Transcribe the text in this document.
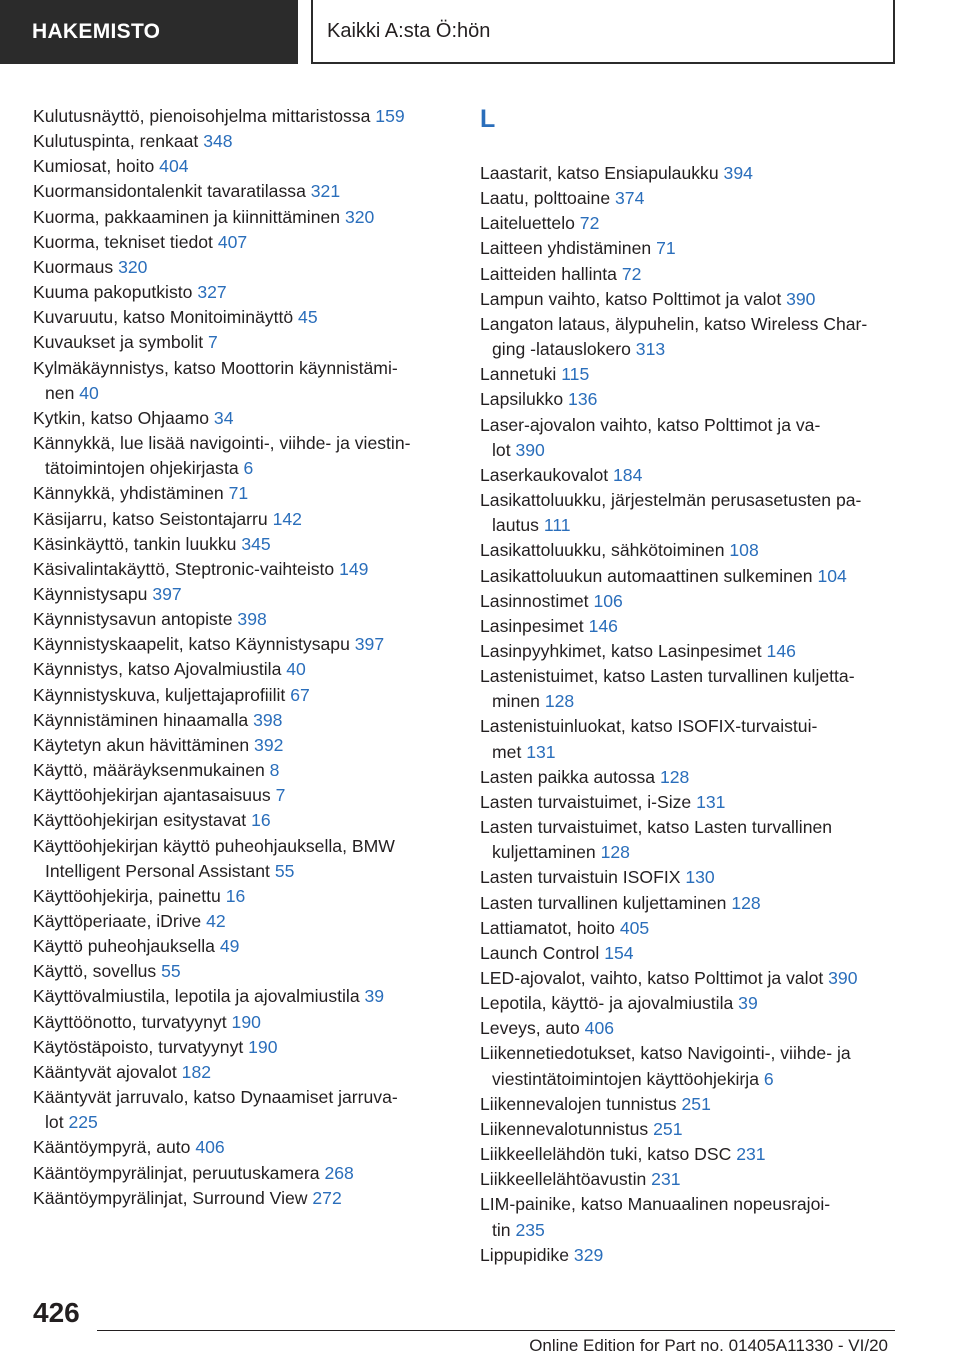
HAKEMISTO	Kaikki A:sta Ö:hön
Kulutusnäyttö, pienoisohjelma mittaristossa 159
Kulutuspinta, renkaat 348
Kumiosat, hoito 404
Kuormansidontalenkit tavaratilassa 321
Kuorma, pakkaaminen ja kiinnittäminen 320
Kuorma, tekniset tiedot 407
Kuormaus 320
Kuuma pakoputkisto 327
Kuvaruutu, katso Monitoiminäyttö 45
Kuvaukset ja symbolit 7
Kylmäkäynnistys, katso Moottorin käynnistämi-
nen 40
Kytkin, katso Ohjaamo 34
Kännykkä, lue lisää navigointi-, viihde- ja viestin-
tätoimintojen ohjekirjasta 6
Kännykkä, yhdistäminen 71
Käsijarru, katso Seistontajarru 142
Käsinkäyttö, tankin luukku 345
Käsivalintakäyttö, Steptronic-vaihteisto 149
Käynnistysapu 397
Käynnistysavun antopiste 398
Käynnistyskaapelit, katso Käynnistysapu 397
Käynnistys, katso Ajovalmiustila 40
Käynnistyskuva, kuljettajaprofiilit 67
Käynnistäminen hinaamalla 398
Käytetyn akun hävittäminen 392
Käyttö, määräyksenmukainen 8
Käyttöohjekirjan ajantasaisuus 7
Käyttöohjekirjan esitystavat 16
Käyttöohjekirjan käyttö puheohjauksella, BMW
Intelligent Personal Assistant 55
Käyttöohjekirja, painettu 16
Käyttöperiaate, iDrive 42
Käyttö puheohjauksella 49
Käyttö, sovellus 55
Käyttövalmiustila, lepotila ja ajovalmiustila 39
Käyttöönotto, turvatyynyt 190
Käytöstäpoisto, turvatyynyt 190
Kääntyvät ajovalot 182
Kääntyvät jarruvalo, katso Dynaamiset jarruva-
lot 225
Kääntöympyrä, auto 406
Kääntöympyrälinjat, peruutuskamera 268
Kääntöympyrälinjat, Surround View 272
L
Laastarit, katso Ensiapulaukku 394
Laatu, polttoaine 374
Laiteluettelo 72
Laitteen yhdistäminen 71
Laitteiden hallinta 72
Lampun vaihto, katso Polttimot ja valot 390
Langaton lataus, älypuhelin, katso Wireless Char-
ging -latauslokero 313
Lannetuki 115
Lapsilukko 136
Laser-ajovalon vaihto, katso Polttimot ja va-
lot 390
Laserkaukovalot 184
Lasikattoluukku, järjestelmän perusasetusten pa-
lautus 111
Lasikattoluukku, sähkötoiminen 108
Lasikattoluukun automaattinen sulkeminen 104
Lasinnostimet 106
Lasinpesimet 146
Lasinpyyhkimet, katso Lasinpesimet 146
Lastenistuimet, katso Lasten turvallinen kuljetta-
minen 128
Lastenistuinluokat, katso ISOFIX-turvaistui-
met 131
Lasten paikka autossa 128
Lasten turvaistuimet, i-Size 131
Lasten turvaistuimet, katso Lasten turvallinen
kuljettaminen 128
Lasten turvaistuin ISOFIX 130
Lasten turvallinen kuljettaminen 128
Lattiamatot, hoito 405
Launch Control 154
LED-ajovalot, vaihto, katso Polttimot ja valot 390
Lepotila, käyttö- ja ajovalmiustila 39
Leveys, auto 406
Liikennetiedotukset, katso Navigointi-, viihde- ja
viestintätoimintojen käyttöohjekirja 6
Liikennevalojen tunnistus 251
Liikennevalotunnistus 251
Liikkeellelähdön tuki, katso DSC 231
Liikkeellelähtöavustin 231
LIM-painike, katso Manuaalinen nopeusrajoi-
tin 235
Lippupidike 329
426
Online Edition for Part no. 01405A11330 - VI/20
